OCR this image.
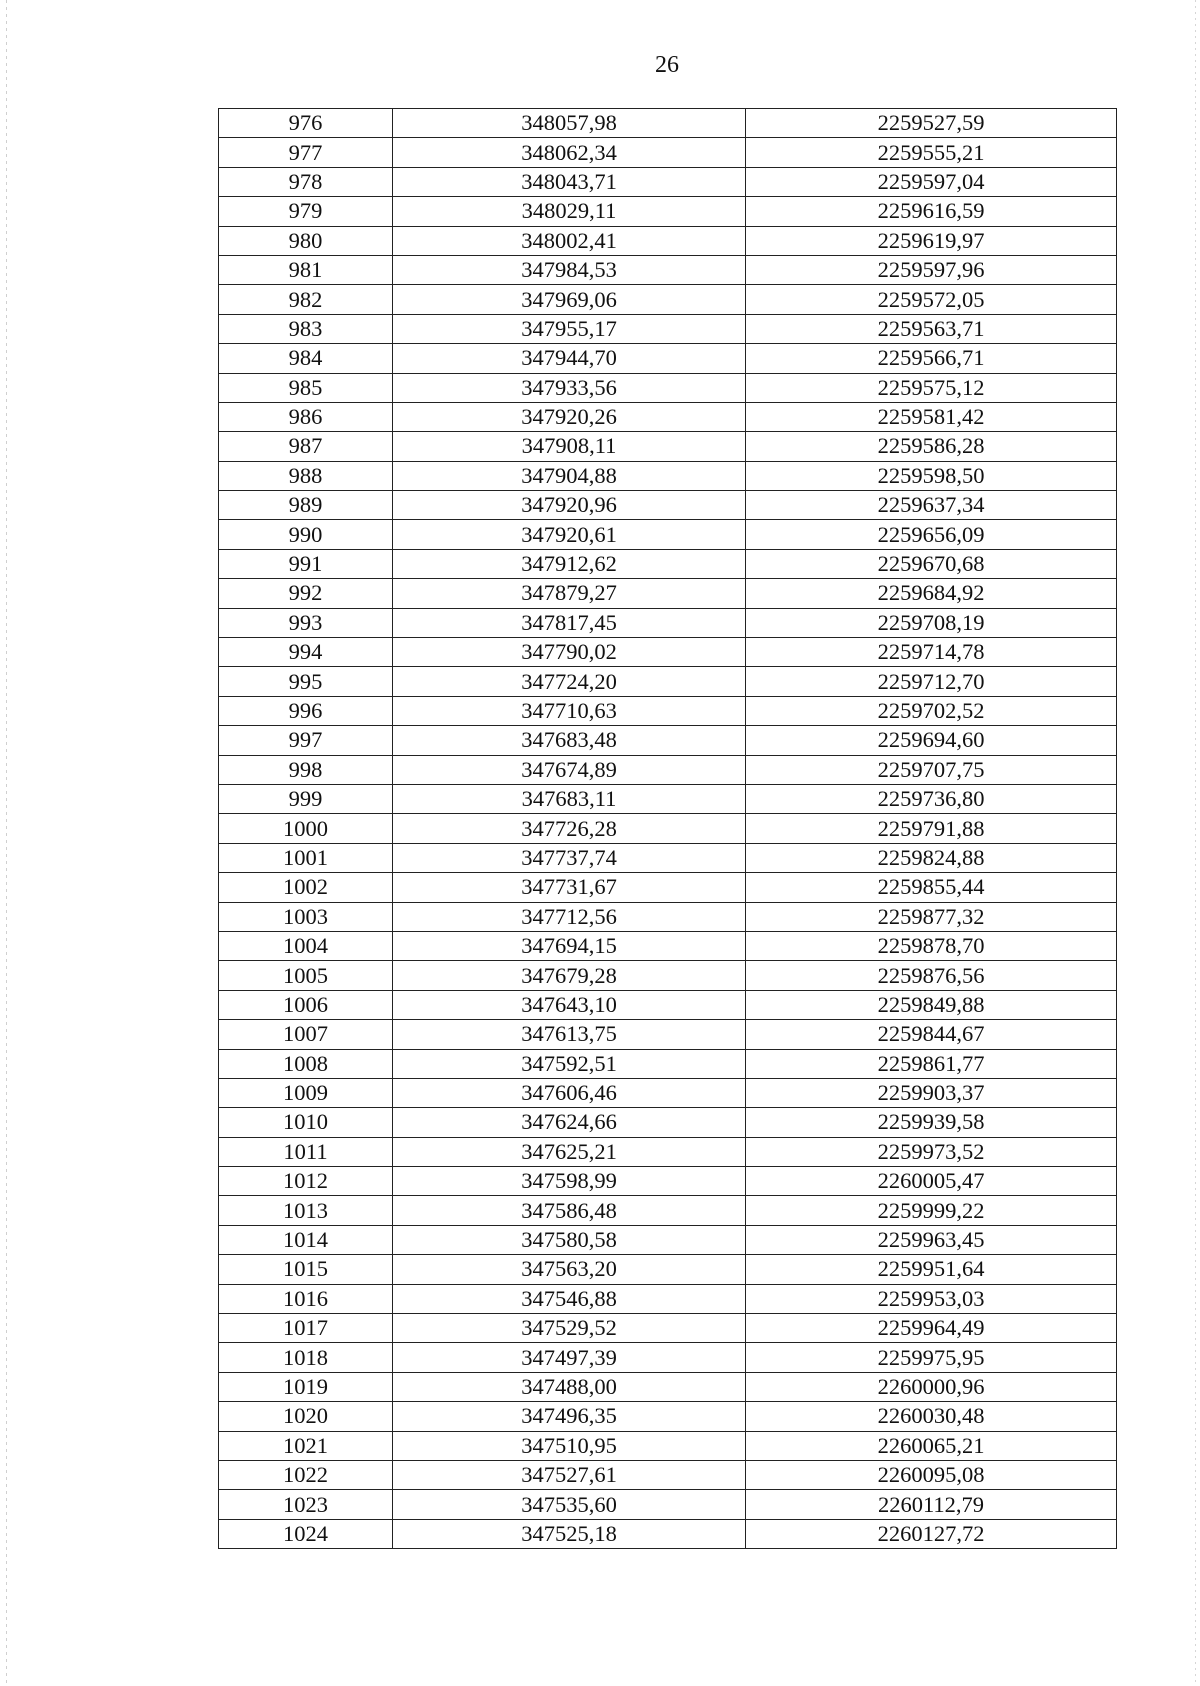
26
976	348057,98	2259527,59
977	348062,34	2259555,21
978	348043,71	2259597,04
979	348029,11	2259616,59
980	348002,41	2259619,97
981	347984,53	2259597,96
982	347969,06	2259572,05
983	347955,17	2259563,71
984	347944,70	2259566,71
985	347933,56	2259575,12
986	347920,26	2259581,42
987	347908,11	2259586,28
988	347904,88	2259598,50
989	347920,96	2259637,34
990	347920,61	2259656,09
991	347912,62	2259670,68
992	347879,27	2259684,92
993	347817,45	2259708,19
994	347790,02	2259714,78
995	347724,20	2259712,70
996	347710,63	2259702,52
997	347683,48	2259694,60
998	347674,89	2259707,75
999	347683,11	2259736,80
1000	347726,28	2259791,88
1001	347737,74	2259824,88
1002	347731,67	2259855,44
1003	347712,56	2259877,32
1004	347694,15	2259878,70
1005	347679,28	2259876,56
1006	347643,10	2259849,88
1007	347613,75	2259844,67
1008	347592,51	2259861,77
1009	347606,46	2259903,37
1010	347624,66	2259939,58
1011	347625,21	2259973,52
1012	347598,99	2260005,47
1013	347586,48	2259999,22
1014	347580,58	2259963,45
1015	347563,20	2259951,64
1016	347546,88	2259953,03
1017	347529,52	2259964,49
1018	347497,39	2259975,95
1019	347488,00	2260000,96
1020	347496,35	2260030,48
1021	347510,95	2260065,21
1022	347527,61	2260095,08
1023	347535,60	2260112,79
1024	347525,18	2260127,72
